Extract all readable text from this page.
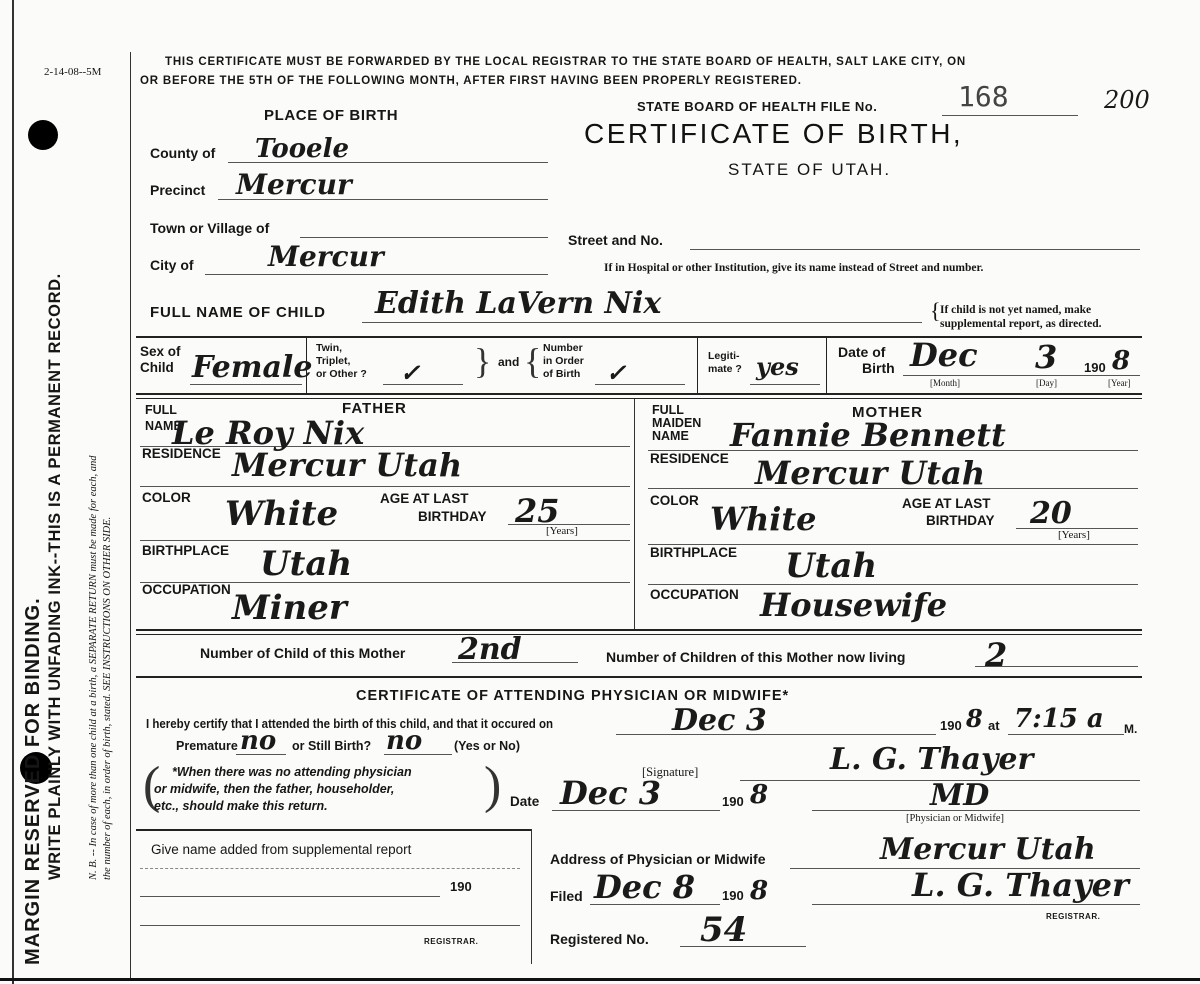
2-14-08--5M
MARGIN RESERVED FOR BINDING. WRITE PLAINLY WITH UNFADING INK--THIS IS A PERMANENT RECORD. N. B. -- In case of more than one child at a birth, a SEPARATE RETURN must be made for each, and the number of each, in order of birth, stated. SEE INSTRUCTIONS ON OTHER SIDE.
THIS CERTIFICATE MUST BE FORWARDED BY THE LOCAL REGISTRAR TO THE STATE BOARD OF HEALTH, SALT LAKE CITY, ON
OR BEFORE THE 5TH OF THE FOLLOWING MONTH, AFTER FIRST HAVING BEEN PROPERLY REGISTERED.
STATE BOARD OF HEALTH FILE No.	168	200
CERTIFICATE OF BIRTH,
STATE OF UTAH.
PLACE OF BIRTH
County of Tooele
Precinct Mercur
Town or Village of
City of	Mercur	Street and No.
If in Hospital or other Institution, give its name instead of Street and number.
FULL NAME OF CHILD Edith LaVern Nix	{ If child is not yet named, make
supplemental report, as directed.
Sex of
Child Female
Twin,
Triplet,
or Other ? ✓ } and { Number
in Order
of Birth ✓
Legiti-
mate ? yes	Date of
Birth Dec 3 190 8
[Month]	[Day]	[Year]
FATHER
FULL
NAME
Le Roy Nix
RESIDENCE Mercur Utah
COLOR White	AGE AT LAST
BIRTHDAY 25
[Years]
BIRTHPLACE Utah
OCCUPATION Miner
MOTHER
FULL
MAIDEN
NAME	Fannie Bennett
RESIDENCE Mercur Utah
COLOR White	AGE AT LAST
BIRTHDAY 20
[Years]
BIRTHPLACE Utah
OCCUPATION Housewife
Number of Child of this Mother 2nd	Number of Children of this Mother now living 2
CERTIFICATE OF ATTENDING PHYSICIAN OR MIDWIFE*
I hereby certify that I attended the birth of this child, and that it occured on	Dec 3	190 8 at 7:15 a M.
Premature no or Still Birth? no	(Yes or No)
(	)
*When there was no attending physician
or midwife, then the father, householder,
etc., should make this return.
[Signature]	L. G. Thayer
Date Dec 3	190 8	MD
[Physician or Midwife]
Give name added from supplemental report
190
REGISTRAR.
Address of Physician or Midwife	Mercur Utah
Filed Dec 8 190 8	L. G. Thayer
REGISTRAR.
Registered No. 54
